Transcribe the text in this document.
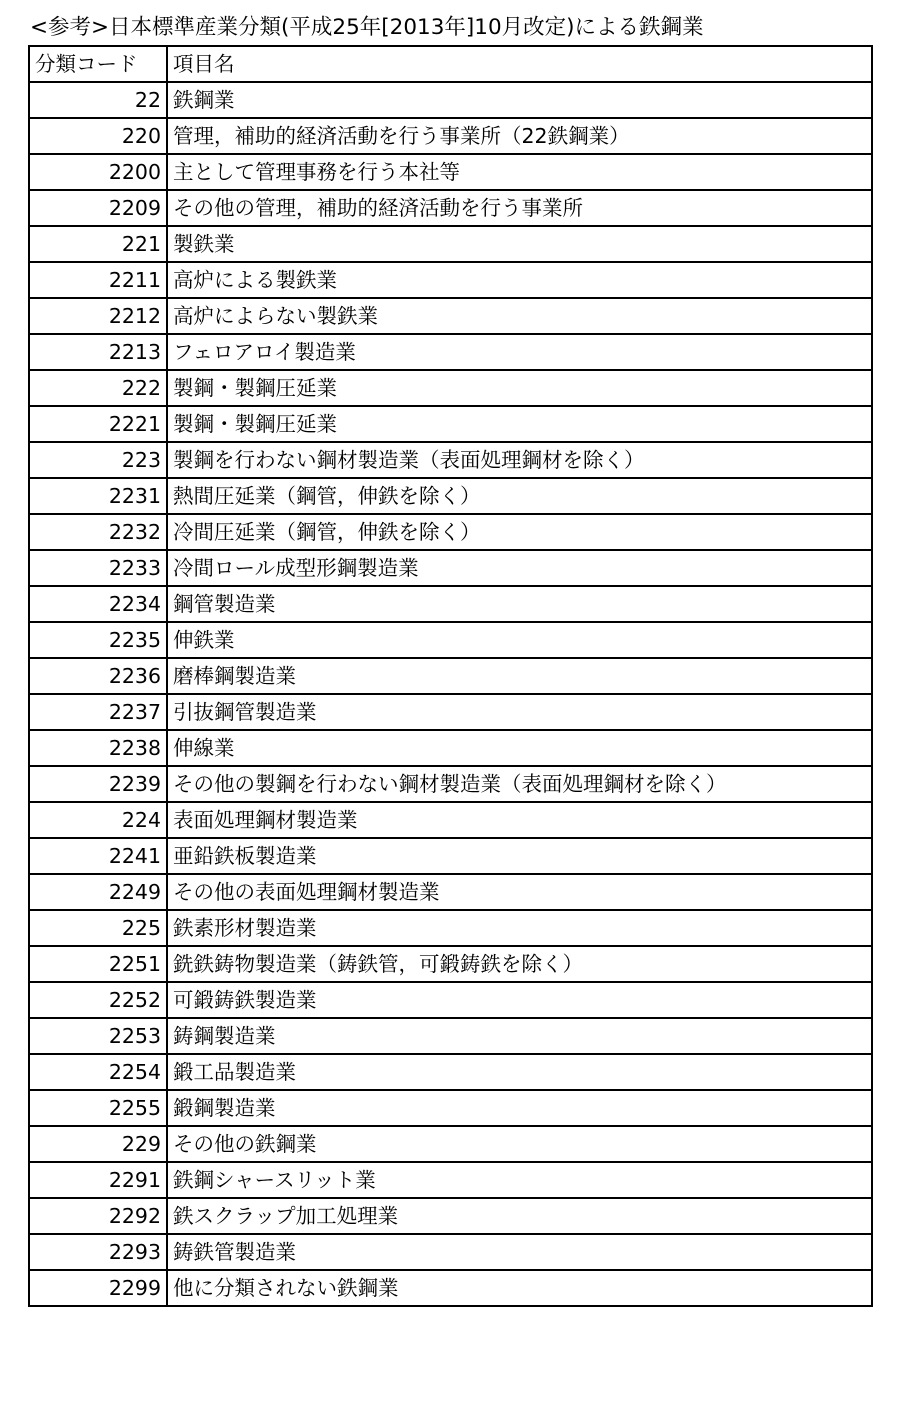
<参考>日本標準産業分類(平成25年[2013年]10月改定)による鉄鋼業
分類コード	項目名
22	鉄鋼業
220	管理，補助的経済活動を行う事業所（22鉄鋼業）
2200	主として管理事務を行う本社等
2209	その他の管理，補助的経済活動を行う事業所
221	製鉄業
2211	高炉による製鉄業
2212	高炉によらない製鉄業
2213	フェロアロイ製造業
222	製鋼・製鋼圧延業
2221	製鋼・製鋼圧延業
223	製鋼を行わない鋼材製造業（表面処理鋼材を除く）
2231	熱間圧延業（鋼管，伸鉄を除く）
2232	冷間圧延業（鋼管，伸鉄を除く）
2233	冷間ロール成型形鋼製造業
2234	鋼管製造業
2235	伸鉄業
2236	磨棒鋼製造業
2237	引抜鋼管製造業
2238	伸線業
2239	その他の製鋼を行わない鋼材製造業（表面処理鋼材を除く）
224	表面処理鋼材製造業
2241	亜鉛鉄板製造業
2249	その他の表面処理鋼材製造業
225	鉄素形材製造業
2251	銑鉄鋳物製造業（鋳鉄管，可鍛鋳鉄を除く）
2252	可鍛鋳鉄製造業
2253	鋳鋼製造業
2254	鍛工品製造業
2255	鍛鋼製造業
229	その他の鉄鋼業
2291	鉄鋼シャースリット業
2292	鉄スクラップ加工処理業
2293	鋳鉄管製造業
2299	他に分類されない鉄鋼業
